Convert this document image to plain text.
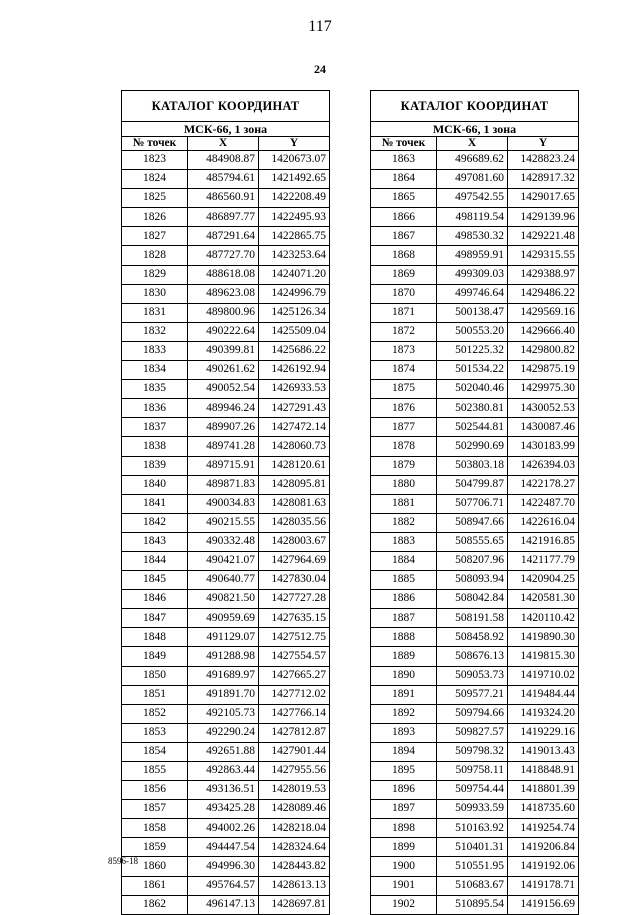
117
24
КАТАЛОГ КООРДИНАТ		
МСК-66, 1 зона		
№ точек	X	Y
1823	484908.87	1420673.07
1824	485794.61	1421492.65
1825	486560.91	1422208.49
1826	486897.77	1422495.93
1827	487291.64	1422865.75
1828	487727.70	1423253.64
1829	488618.08	1424071.20
1830	489623.08	1424996.79
1831	489800.96	1425126.34
1832	490222.64	1425509.04
1833	490399.81	1425686.22
1834	490261.62	1426192.94
1835	490052.54	1426933.53
1836	489946.24	1427291.43
1837	489907.26	1427472.14
1838	489741.28	1428060.73
1839	489715.91	1428120.61
1840	489871.83	1428095.81
1841	490034.83	1428081.63
1842	490215.55	1428035.56
1843	490332.48	1428003.67
1844	490421.07	1427964.69
1845	490640.77	1427830.04
1846	490821.50	1427727.28
1847	490959.69	1427635.15
1848	491129.07	1427512.75
1849	491288.98	1427554.57
1850	491689.97	1427665.27
1851	491891.70	1427712.02
1852	492105.73	1427766.14
1853	492290.24	1427812.87
1854	492651.88	1427901.44
1855	492863.44	1427955.56
1856	493136.51	1428019.53
1857	493425.28	1428089.46
1858	494002.26	1428218.04
1859	494447.54	1428324.64
1860	494996.30	1428443.82
1861	495764.57	1428613.13
1862	496147.13	1428697.81
КАТАЛОГ КООРДИНАТ		
МСК-66, 1 зона		
№ точек	X	Y
1863	496689.62	1428823.24
1864	497081.60	1428917.32
1865	497542.55	1429017.65
1866	498119.54	1429139.96
1867	498530.32	1429221.48
1868	498959.91	1429315.55
1869	499309.03	1429388.97
1870	499746.64	1429486.22
1871	500138.47	1429569.16
1872	500553.20	1429666.40
1873	501225.32	1429800.82
1874	501534.22	1429875.19
1875	502040.46	1429975.30
1876	502380.81	1430052.53
1877	502544.81	1430087.46
1878	502990.69	1430183.99
1879	503803.18	1426394.03
1880	504799.87	1422178.27
1881	507706.71	1422487.70
1882	508947.66	1422616.04
1883	508555.65	1421916.85
1884	508207.96	1421177.79
1885	508093.94	1420904.25
1886	508042.84	1420581.30
1887	508191.58	1420110.42
1888	508458.92	1419890.30
1889	508676.13	1419815.30
1890	509053.73	1419710.02
1891	509577.21	1419484.44
1892	509794.66	1419324.20
1893	509827.57	1419229.16
1894	509798.32	1419013.43
1895	509758.11	1418848.91
1896	509754.44	1418801.39
1897	509933.59	1418735.60
1898	510163.92	1419254.74
1899	510401.31	1419206.84
1900	510551.95	1419192.06
1901	510683.67	1419178.71
1902	510895.54	1419156.69
8596-18
